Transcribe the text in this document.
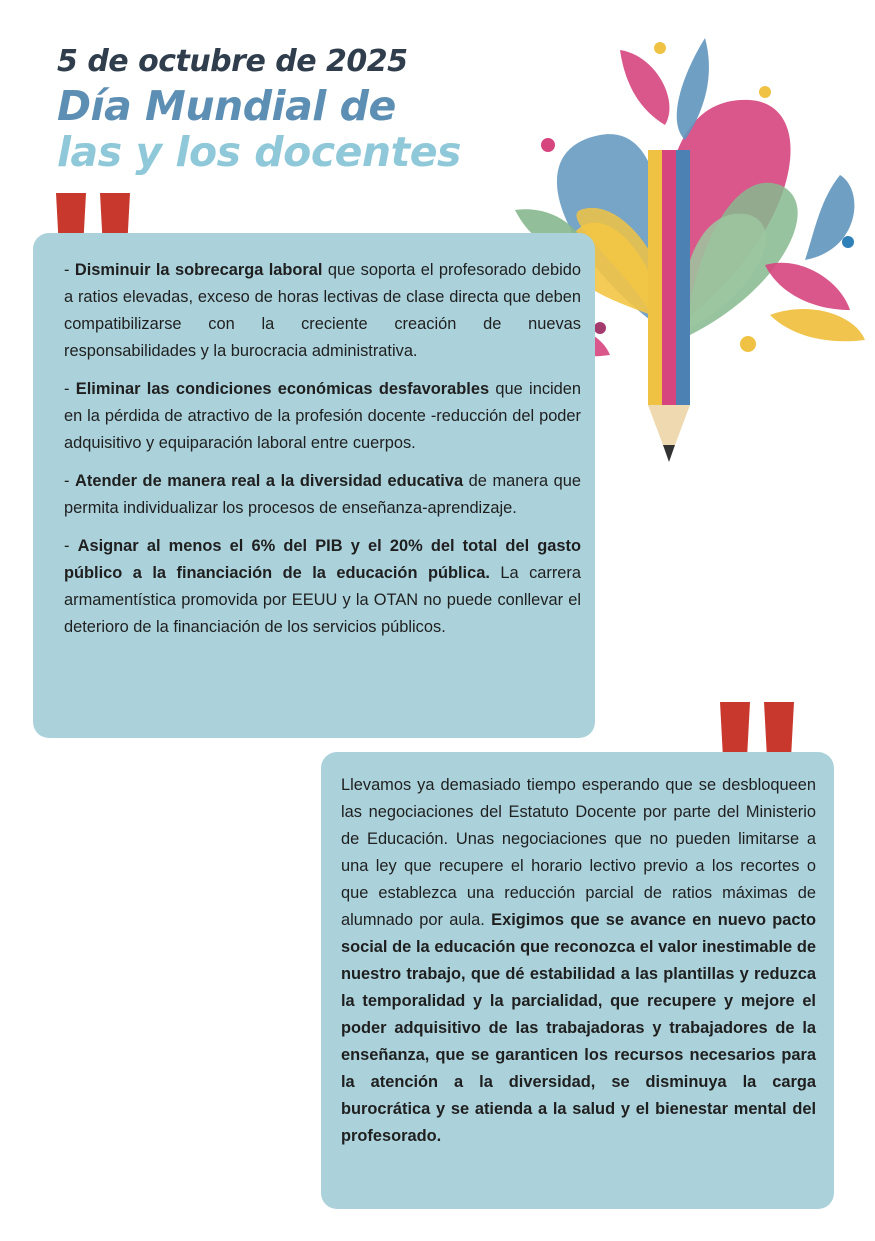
5 de octubre de 2025
Día Mundial de
las y los docentes

- Disminuir la sobrecarga laboral que soporta el profesorado debido a ratios elevadas, exceso de horas lectivas de clase directa que deben compatibilizarse con la creciente creación de nuevas responsabilidades y la burocracia administrativa.

- Eliminar las condiciones económicas desfavorables que inciden en la pérdida de atractivo de la profesión docente -reducción del poder adquisitivo y equiparación laboral entre cuerpos.

- Atender de manera real a la diversidad educativa de manera que permita individualizar los procesos de enseñanza-aprendizaje.

- Asignar al menos el 6% del PIB y el 20% del total del gasto público a la financiación de la educación pública. La carrera armamentística promovida por EEUU y la OTAN no puede conllevar el deterioro de la financiación de los servicios públicos.

Llevamos ya demasiado tiempo esperando que se desbloqueen las negociaciones del Estatuto Docente por parte del Ministerio de Educación. Unas negociaciones que no pueden limitarse a una ley que recupere el horario lectivo previo a los recortes o que establezca una reducción parcial de ratios máximas de alumnado por aula. Exigimos que se avance en nuevo pacto social de la educación que reconozca el valor inestimable de nuestro trabajo, que dé estabilidad a las plantillas y reduzca la temporalidad y la parcialidad, que recupere y mejore el poder adquisitivo de las trabajadoras y trabajadores de la enseñanza, que se garanticen los recursos necesarios para la atención a la diversidad, se disminuya la carga burocrática y se atienda a la salud y el bienestar mental del profesorado.
